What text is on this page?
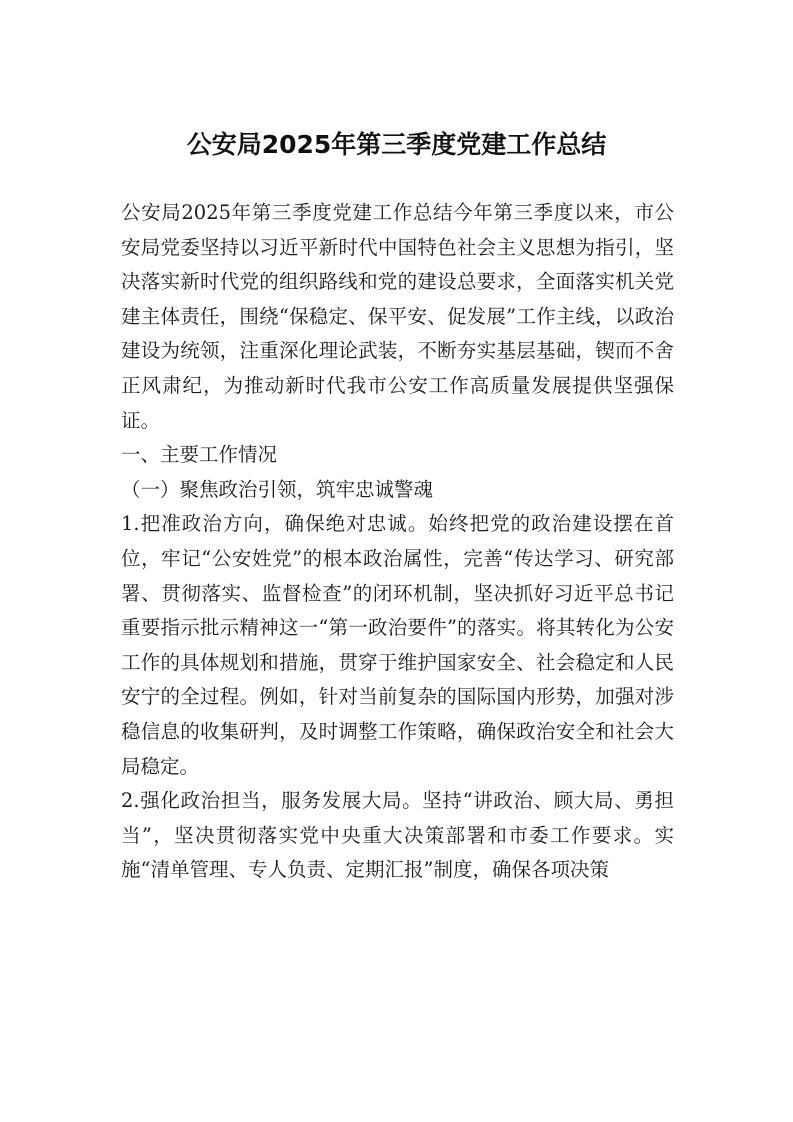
公安局2025年第三季度党建工作总结

公安局2025年第三季度党建工作总结今年第三季度以来，市公安局党委坚持以习近平新时代中国特色社会主义思想为指引，坚决落实新时代党的组织路线和党的建设总要求，全面落实机关党建主体责任，围绕“保稳定、保平安、促发展”工作主线，以政治建设为统领，注重深化理论武装，不断夯实基层基础，锲而不舍正风肃纪，为推动新时代我市公安工作高质量发展提供坚强保证。

一、主要工作情况

（一）聚焦政治引领，筑牢忠诚警魂

1.把准政治方向，确保绝对忠诚。始终把党的政治建设摆在首位，牢记“公安姓党”的根本政治属性，完善“传达学习、研究部署、贯彻落实、监督检查”的闭环机制，坚决抓好习近平总书记重要指示批示精神这一“第一政治要件”的落实。将其转化为公安工作的具体规划和措施，贯穿于维护国家安全、社会稳定和人民安宁的全过程。例如，针对当前复杂的国际国内形势，加强对涉稳信息的收集研判，及时调整工作策略，确保政治安全和社会大局稳定。

2.强化政治担当，服务发展大局。坚持“讲政治、顾大局、勇担当”，坚决贯彻落实党中央重大决策部署和市委工作要求。实施“清单管理、专人负责、定期汇报”制度，确保各项决策
